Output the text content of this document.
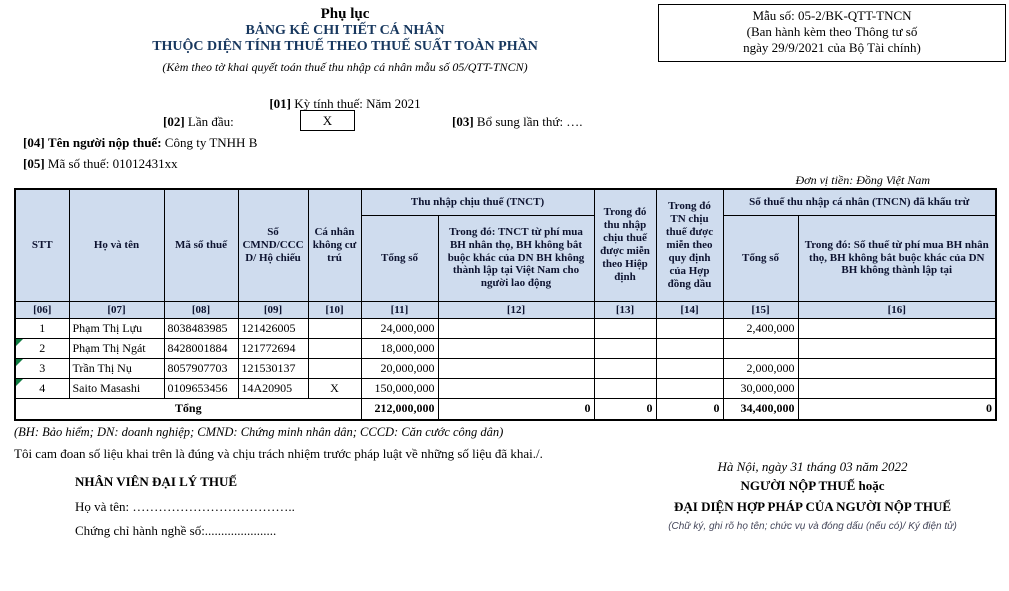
Phụ lục
BẢNG KÊ CHI TIẾT CÁ NHÂN
THUỘC DIỆN TÍNH THUẾ THEO THUẾ SUẤT TOÀN PHẦN
(Kèm theo tờ khai quyết toán thuế thu nhập cá nhân mẫu số 05/QTT-TNCN)
Mẫu số: 05-2/BK-QTT-TNCN
(Ban hành kèm theo Thông tư số
ngày 29/9/2021 của Bộ Tài chính)
[01] Kỳ tính thuế: Năm 2021
[02] Lần đầu:	X	[03] Bổ sung lần thứ: ….
[04] Tên người nộp thuế: Công ty TNHH B
[05] Mã số thuế: 01012431xx
Đơn vị tiền: Đồng Việt Nam
STT	Họ và tên	Mã số thuế	Số CMND/CCCD/ Hộ chiếu	Cá nhân không cư trú	Thu nhập chịu thuế (TNCT)		Trong đó thu nhập chịu thuế được miễn theo Hiệp định	Trong đó TN chịu thuế được miễn theo quy định của Hợp đồng dầu	Số thuế thu nhập cá nhân (TNCN) đã khấu trừ	
					Tổng số	Trong đó: TNCT từ phí mua BH nhân thọ, BH không bắt buộc khác của DN BH không thành lập tại Việt Nam cho người lao động			Tổng số	Trong đó: Số thuế từ phí mua BH nhân thọ, BH không bắt buộc khác của DN BH không thành lập tại
[06]	[07]	[08]	[09]	[10]	[11]	[12]	[13]	[14]	[15]	[16]
1	Phạm Thị Lựu	8038483985	121426005		24,000,000				2,400,000	

2	Phạm Thị Ngát	8428001884	121772694		18,000,000					

3	Trần Thị Nụ	8057907703	121530137		20,000,000				2,000,000	

4	Saito Masashi	0109653456	14A20905	X	150,000,000				30,000,000	
Tổng					212,000,000	0	0	0	34,400,000	0
(BH: Bảo hiểm; DN: doanh nghiệp; CMND: Chứng minh nhân dân; CCCD: Căn cước công dân)
Tôi cam đoan số liệu khai trên là đúng và chịu trách nhiệm trước pháp luật về những số liệu đã khai./.
NHÂN VIÊN ĐẠI LÝ THUẾ
Họ và tên: ………………………………..
Chứng chỉ hành nghề số:......................
Hà Nội, ngày 31 tháng 03 năm 2022
NGƯỜI NỘP THUẾ hoặc
ĐẠI DIỆN HỢP PHÁP CỦA NGƯỜI NỘP THUẾ
(Chữ ký, ghi rõ họ tên; chức vụ và đóng dấu (nếu có)/ Ký điện tử)
